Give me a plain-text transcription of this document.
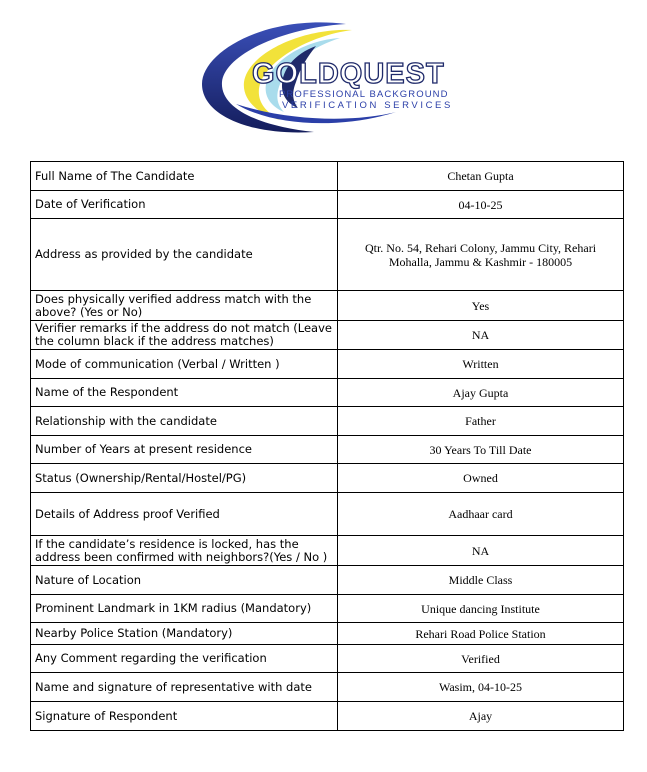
GOLDQUEST
PROFESSIONAL BACKGROUND
VERIFICATION SERVICES
Full Name of The Candidate	Chetan Gupta
Date of Verification	04-10-25
Address as provided by the candidate	Qtr. No. 54, Rehari Colony, Jammu City, Rehari Mohalla, Jammu & Kashmir - 180005
Does physically verified address match with the above? (Yes or No)	Yes
Verifier remarks if the address do not match (Leave the column black if the address matches)	NA
Mode of communication (Verbal / Written )	Written
Name of the Respondent	Ajay Gupta
Relationship with the candidate	Father
Number of Years at present residence	30 Years To Till Date
Status (Ownership/Rental/Hostel/PG)	Owned
Details of Address proof Verified	Aadhaar card
If the candidate’s residence is locked, has the address been confirmed with neighbors?(Yes / No )	NA
Nature of Location	Middle Class
Prominent Landmark in 1KM radius (Mandatory)	Unique dancing Institute
Nearby Police Station (Mandatory)	Rehari Road Police Station
Any Comment regarding the verification	Verified
Name and signature of representative with date	Wasim, 04-10-25
Signature of Respondent	Ajay
